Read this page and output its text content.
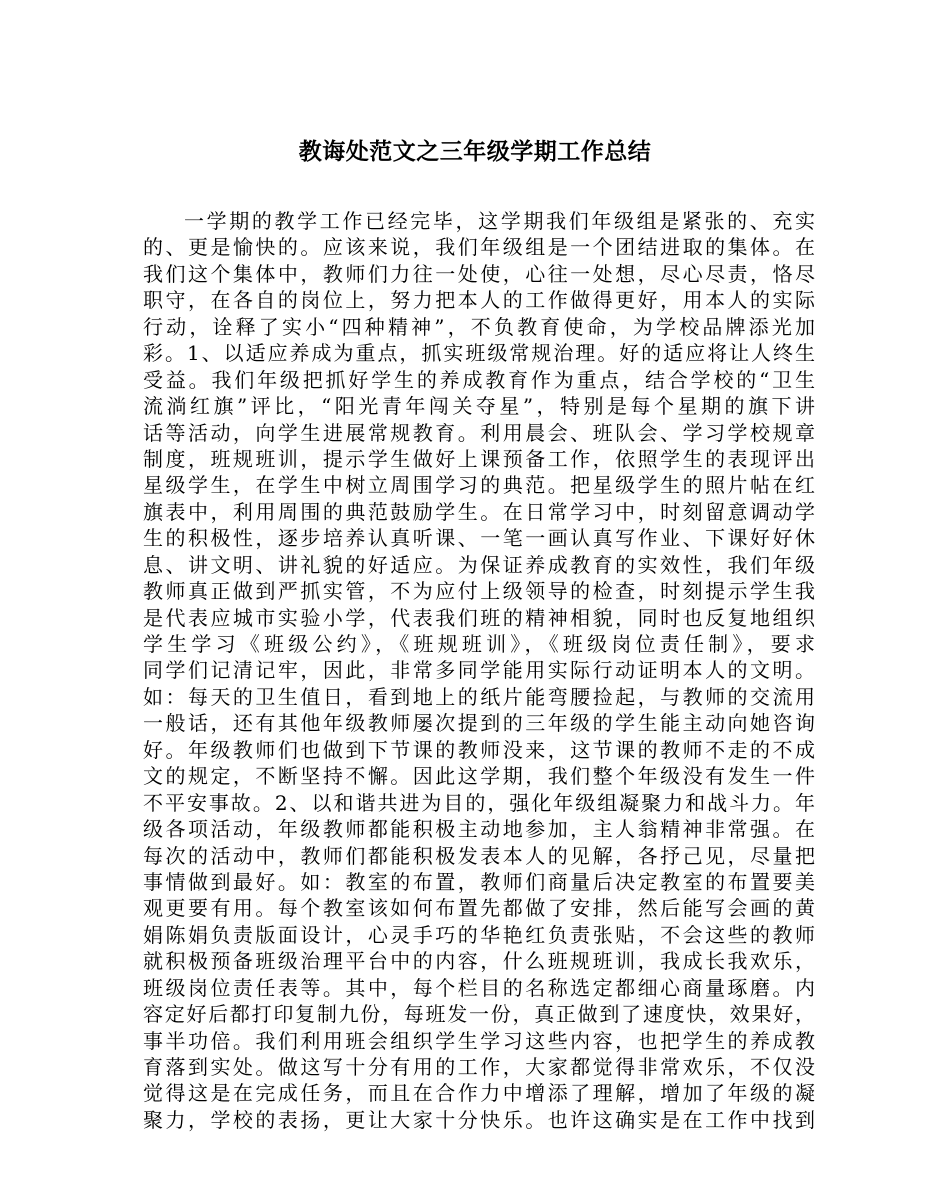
教诲处范文之三年级学期工作总结
一学期的教学工作已经完毕，这学期我们年级组是紧张的、充实
的、更是愉快的。应该来说，我们年级组是一个团结进取的集体。在
我们这个集体中，教师们力往一处使，心往一处想，尽心尽责，恪尽
职守，在各自的岗位上，努力把本人的工作做得更好，用本人的实际
行动，诠释了实小“四种精神”，不负教育使命，为学校品牌添光加
彩。1、以适应养成为重点，抓实班级常规治理。好的适应将让人终生
受益。我们年级把抓好学生的养成教育作为重点，结合学校的“卫生
流淌红旗”评比，“阳光青年闯关夺星”，特别是每个星期的旗下讲
话等活动，向学生进展常规教育。利用晨会、班队会、学习学校规章
制度，班规班训，提示学生做好上课预备工作，依照学生的表现评出
星级学生，在学生中树立周围学习的典范。把星级学生的照片帖在红
旗表中，利用周围的典范鼓励学生。在日常学习中，时刻留意调动学
生的积极性，逐步培养认真听课、一笔一画认真写作业、下课好好休
息、讲文明、讲礼貌的好适应。为保证养成教育的实效性，我们年级
教师真正做到严抓实管，不为应付上级领导的检查，时刻提示学生我
是代表应城市实验小学，代表我们班的精神相貌，同时也反复地组织
学生学习《班级公约》，《班规班训》，《班级岗位责任制》，要求
同学们记清记牢，因此，非常多同学能用实际行动证明本人的文明。
如：每天的卫生值日，看到地上的纸片能弯腰捡起，与教师的交流用
一般话，还有其他年级教师屡次提到的三年级的学生能主动向她咨询
好。年级教师们也做到下节课的教师没来，这节课的教师不走的不成
文的规定，不断坚持不懈。因此这学期，我们整个年级没有发生一件
不平安事故。2、以和谐共进为目的，强化年级组凝聚力和战斗力。年
级各项活动，年级教师都能积极主动地参加，主人翁精神非常强。在
每次的活动中，教师们都能积极发表本人的见解，各抒己见，尽量把
事情做到最好。如：教室的布置，教师们商量后决定教室的布置要美
观更要有用。每个教室该如何布置先都做了安排，然后能写会画的黄
娟陈娟负责版面设计，心灵手巧的华艳红负责张贴，不会这些的教师
就积极预备班级治理平台中的内容，什么班规班训，我成长我欢乐，
班级岗位责任表等。其中，每个栏目的名称选定都细心商量琢磨。内
容定好后都打印复制九份，每班发一份，真正做到了速度快，效果好，
事半功倍。我们利用班会组织学生学习这些内容，也把学生的养成教
育落到实处。做这写十分有用的工作，大家都觉得非常欢乐，不仅没
觉得这是在完成任务，而且在合作力中增添了理解，增加了年级的凝
聚力，学校的表扬，更让大家十分快乐。也许这确实是在工作中找到
